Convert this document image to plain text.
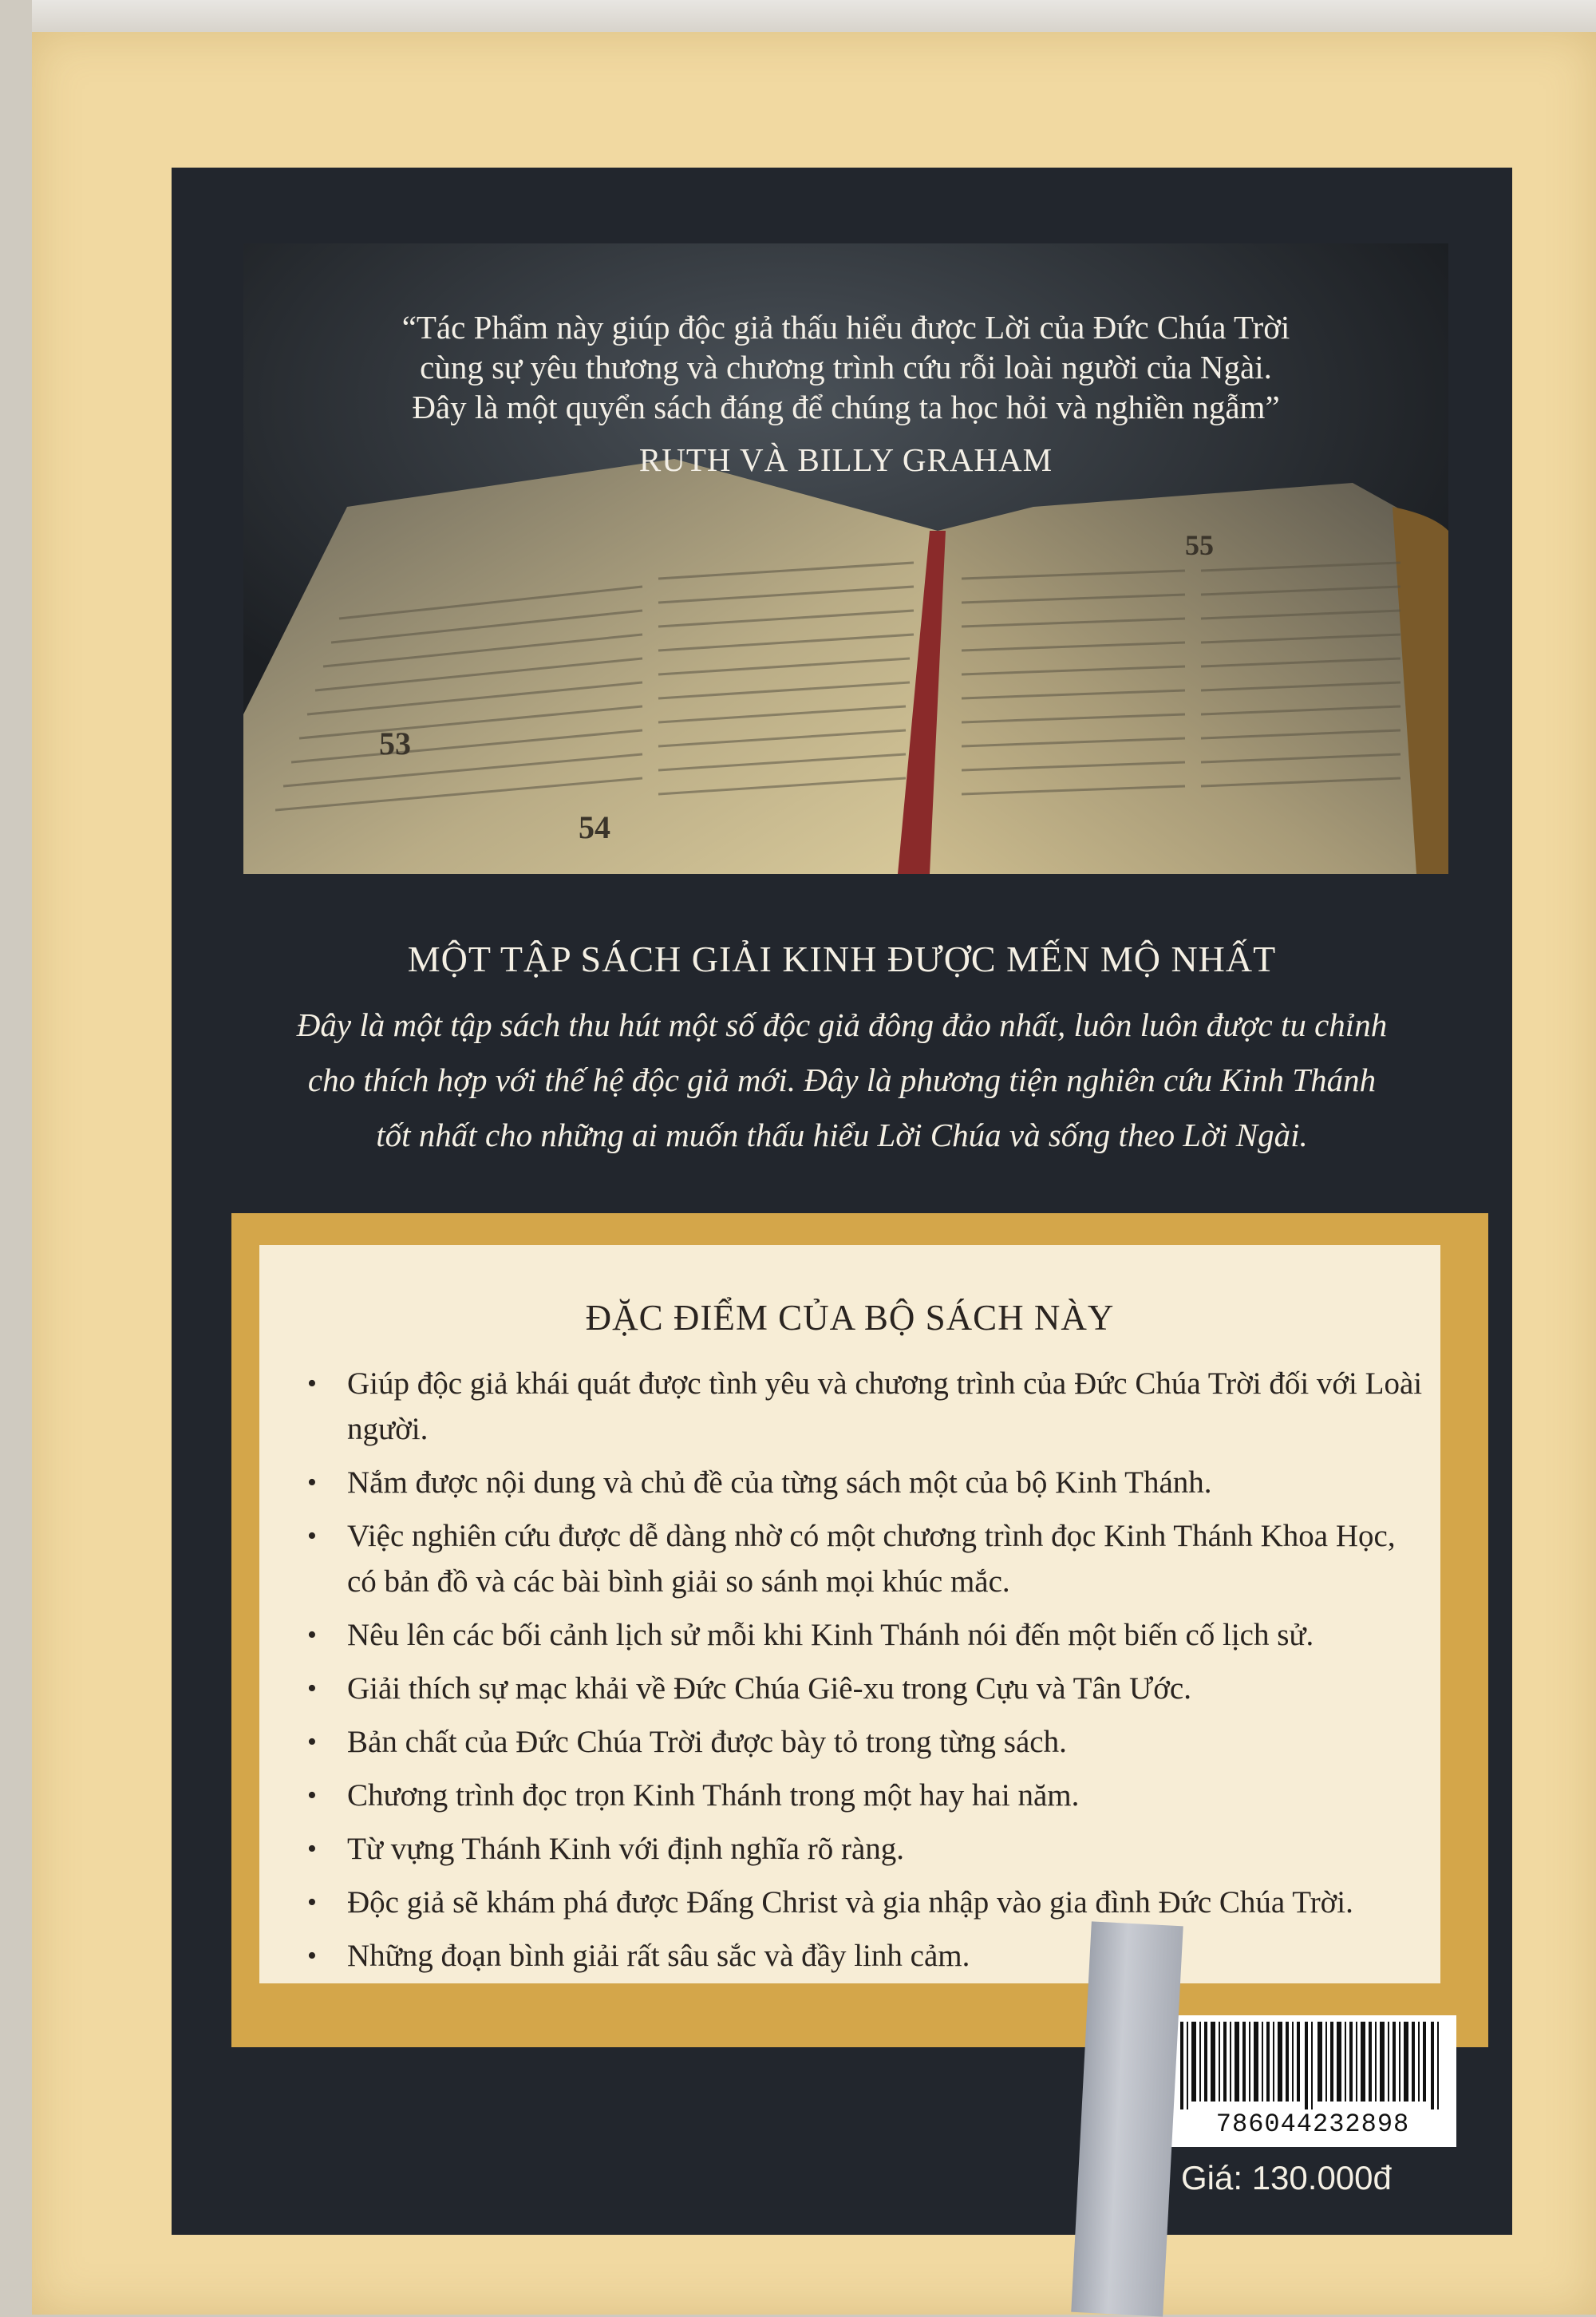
53
54
55
“Tác Phẩm này giúp độc giả thấu hiểu được Lời của Đức Chúa Trời
cùng sự yêu thương và chương trình cứu rỗi loài người của Ngài.
Đây là một quyển sách đáng để chúng ta học hỏi và nghiền ngẫm”
RUTH VÀ BILLY GRAHAM
MỘT TẬP SÁCH GIẢI KINH ĐƯỢC MẾN MỘ NHẤT
Đây là một tập sách thu hút một số độc giả đông đảo nhất, luôn luôn được tu chỉnh
cho thích hợp với thế hệ độc giả mới. Đây là phương tiện nghiên cứu Kinh Thánh
tốt nhất cho những ai muốn thấu hiểu Lời Chúa và sống theo Lời Ngài.
ĐẶC ĐIỂM CỦA BỘ SÁCH NÀY
• Giúp độc giả khái quát được tình yêu và chương trình của Đức Chúa Trời đối với Loài người.
• Nắm được nội dung và chủ đề của từng sách một của bộ Kinh Thánh.
• Việc nghiên cứu được dễ dàng nhờ có một chương trình đọc Kinh Thánh Khoa Học, có bản đồ và các bài bình giải so sánh mọi khúc mắc.
• Nêu lên các bối cảnh lịch sử mỗi khi Kinh Thánh nói đến một biến cố lịch sử.
• Giải thích sự mạc khải về Đức Chúa Giê-xu trong Cựu và Tân Ước.
• Bản chất của Đức Chúa Trời được bày tỏ trong từng sách.
• Chương trình đọc trọn Kinh Thánh trong một hay hai năm.
• Từ vựng Thánh Kinh với định nghĩa rõ ràng.
• Độc giả sẽ khám phá được Đấng Christ và gia nhập vào gia đình Đức Chúa Trời.
• Những đoạn bình giải rất sâu sắc và đầy linh cảm.
786044232898
Giá: 130.000đ
